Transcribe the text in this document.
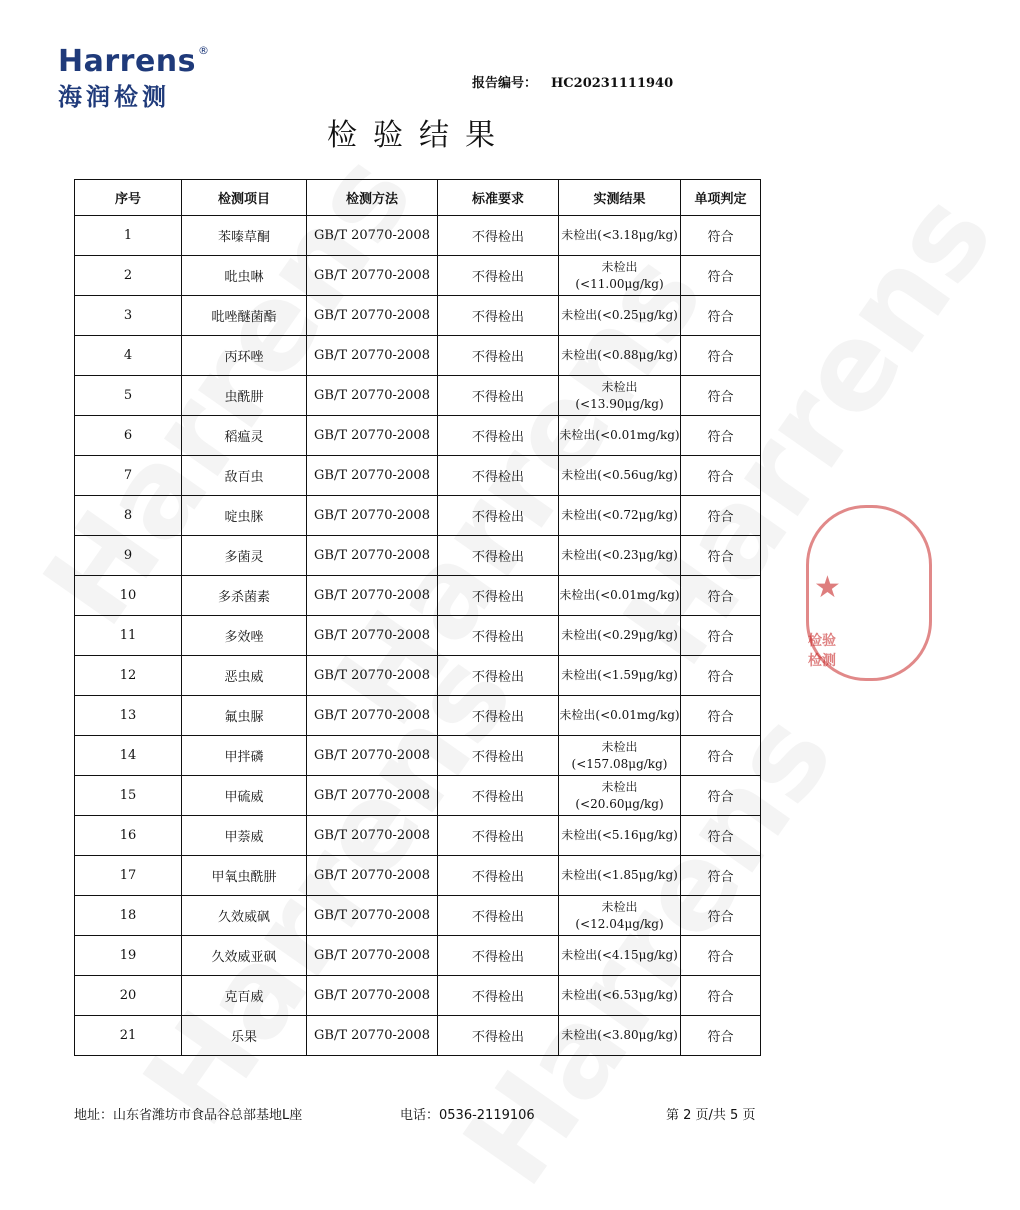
Harrens ®
海润检测	报告编号： HC20231111940
检验结果
序号	检测项目	检测方法	标准要求	实测结果	单项判定
1	苯嗪草酮	GB/T 20770-2008	不得检出	未检出(<3.18μg/kg)	符合
2	吡虫啉	GB/T 20770-2008	不得检出	未检出(<11.00μg/kg)	符合
3	吡唑醚菌酯	GB/T 20770-2008	不得检出	未检出(<0.25μg/kg)	符合
4	丙环唑	GB/T 20770-2008	不得检出	未检出(<0.88μg/kg)	符合
5	虫酰肼	GB/T 20770-2008	不得检出	未检出(<13.90μg/kg)	符合
6	稻瘟灵	GB/T 20770-2008	不得检出	未检出(<0.01mg/kg)	符合
7	敌百虫	GB/T 20770-2008	不得检出	未检出(<0.56ug/kg)	符合
8	啶虫脒	GB/T 20770-2008	不得检出	未检出(<0.72μg/kg)	符合
9	多菌灵	GB/T 20770-2008	不得检出	未检出(<0.23μg/kg)	符合
10	多杀菌素	GB/T 20770-2008	不得检出	未检出(<0.01mg/kg)	符合
11	多效唑	GB/T 20770-2008	不得检出	未检出(<0.29μg/kg)	符合
12	恶虫威	GB/T 20770-2008	不得检出	未检出(<1.59μg/kg)	符合
13	氟虫脲	GB/T 20770-2008	不得检出	未检出(<0.01mg/kg)	符合
14	甲拌磷	GB/T 20770-2008	不得检出	未检出(<157.08μg/kg)	符合
15	甲硫威	GB/T 20770-2008	不得检出	未检出(<20.60μg/kg)	符合
16	甲萘威	GB/T 20770-2008	不得检出	未检出(<5.16μg/kg)	符合
17	甲氧虫酰肼	GB/T 20770-2008	不得检出	未检出(<1.85μg/kg)	符合
18	久效威砜	GB/T 20770-2008	不得检出	未检出(<12.04μg/kg)	符合
19	久效威亚砜	GB/T 20770-2008	不得检出	未检出(<4.15μg/kg)	符合
20	克百威	GB/T 20770-2008	不得检出	未检出(<6.53μg/kg)	符合
21	乐果	GB/T 20770-2008	不得检出	未检出(<3.80μg/kg)	符合
★
检验检测
地址：山东省潍坊市食品谷总部基地L座	电话：0536-2119106	第 2 页/共 5 页
